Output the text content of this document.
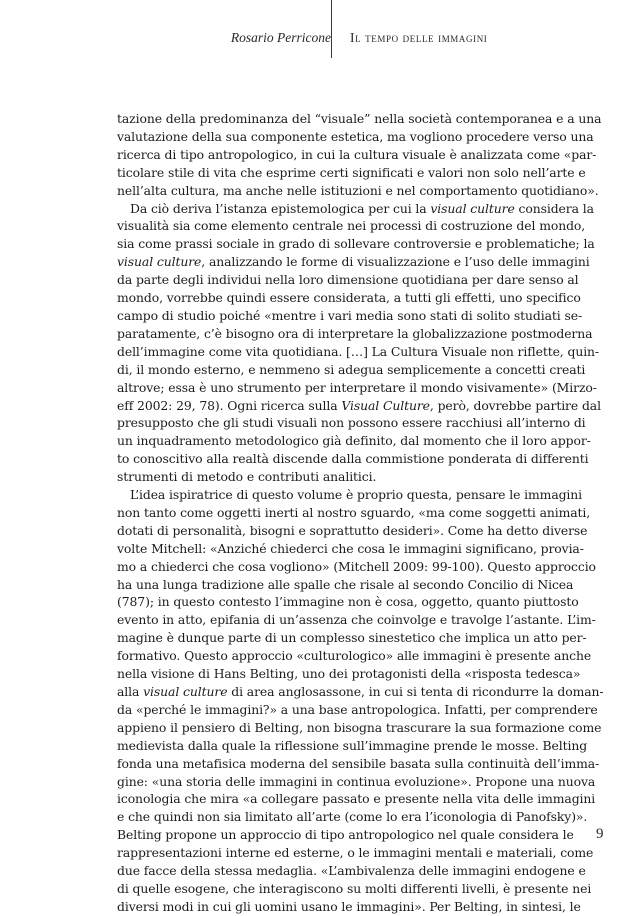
Rosario Perricone Il tempo delle immagini
tazione della predominanza del “visuale” nella società contemporanea e a una
valutazione della sua componente estetica, ma vogliono procedere verso una
ricerca di tipo antropologico, in cui la cultura visuale è analizzata come «par-
ticolare stile di vita che esprime certi significati e valori non solo nell’arte e
nell’alta cultura, ma anche nelle istituzioni e nel comportamento quotidiano».
Da ciò deriva l’istanza epistemologica per cui la visual culture considera la
visualità sia come elemento centrale nei processi di costruzione del mondo,
sia come prassi sociale in grado di sollevare controversie e problematiche; la
visual culture, analizzando le forme di visualizzazione e l’uso delle immagini
da parte degli individui nella loro dimensione quotidiana per dare senso al
mondo, vorrebbe quindi essere considerata, a tutti gli effetti, uno specifico
campo di studio poiché «mentre i vari media sono stati di solito studiati se-
paratamente, c’è bisogno ora di interpretare la globalizzazione postmoderna
dell’immagine come vita quotidiana. […] La Cultura Visuale non riflette, quin-
di, il mondo esterno, e nemmeno si adegua semplicemente a concetti creati
altrove; essa è uno strumento per interpretare il mondo visivamente» (Mirzo-
eff 2002: 29, 78). Ogni ricerca sulla Visual Culture, però, dovrebbe partire dal
presupposto che gli studi visuali non possono essere racchiusi all’interno di
un inquadramento metodologico già definito, dal momento che il loro appor-
to conoscitivo alla realtà discende dalla commistione ponderata di differenti
strumenti di metodo e contributi analitici.
L’idea ispiratrice di questo volume è proprio questa, pensare le immagini
non tanto come oggetti inerti al nostro sguardo, «ma come soggetti animati,
dotati di personalità, bisogni e soprattutto desideri». Come ha detto diverse
volte Mitchell: «Anziché chiederci che cosa le immagini significano, provia-
mo a chiederci che cosa vogliono» (Mitchell 2009: 99-100). Questo approccio
ha una lunga tradizione alle spalle che risale al secondo Concilio di Nicea
(787); in questo contesto l’immagine non è cosa, oggetto, quanto piuttosto
evento in atto, epifania di un’assenza che coinvolge e travolge l’astante. L’im-
magine è dunque parte di un complesso sinestetico che implica un atto per-
formativo. Questo approccio «culturologico» alle immagini è presente anche
nella visione di Hans Belting, uno dei protagonisti della «risposta tedesca»
alla visual culture di area anglosassone, in cui si tenta di ricondurre la doman-
da «perché le immagini?» a una base antropologica. Infatti, per comprendere
appieno il pensiero di Belting, non bisogna trascurare la sua formazione come
medievista dalla quale la riflessione sull’immagine prende le mosse. Belting
fonda una metafisica moderna del sensibile basata sulla continuità dell’imma-
gine: «una storia delle immagini in continua evoluzione». Propone una nuova
iconologia che mira «a collegare passato e presente nella vita delle immagini
e che quindi non sia limitato all’arte (come lo era l’iconologia di Panofsky)».
Belting propone un approccio di tipo antropologico nel quale considera le
rappresentazioni interne ed esterne, o le immagini mentali e materiali, come
due facce della stessa medaglia. «L’ambivalenza delle immagini endogene e
di quelle esogene, che interagiscono su molti differenti livelli, è presente nei
diversi modi in cui gli uomini usano le immagini». Per Belting, in sintesi, le
9
